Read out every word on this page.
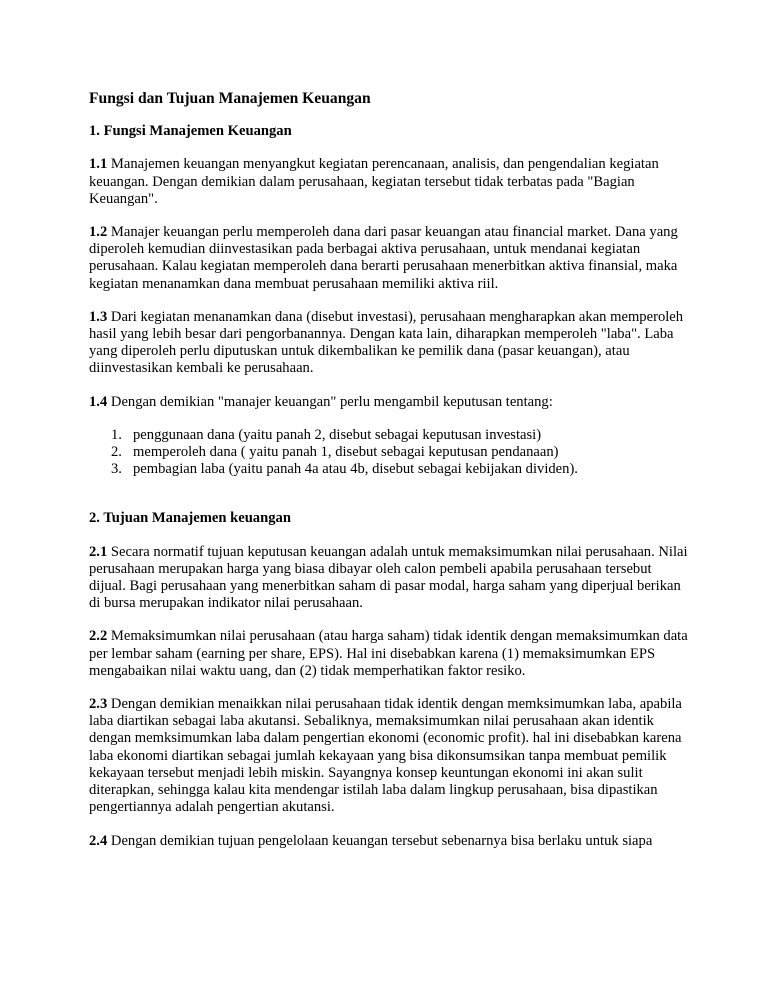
Fungsi dan Tujuan Manajemen Keuangan
1. Fungsi Manajemen Keuangan

1.1 Manajemen keuangan menyangkut kegiatan perencanaan, analisis, dan pengendalian kegiatan keuangan. Dengan demikian dalam perusahaan, kegiatan tersebut tidak terbatas pada "Bagian Keuangan".

1.2 Manajer keuangan perlu memperoleh dana dari pasar keuangan atau financial market. Dana yang diperoleh kemudian diinvestasikan pada berbagai aktiva perusahaan, untuk mendanai kegiatan perusahaan. Kalau kegiatan memperoleh dana berarti perusahaan menerbitkan aktiva finansial, maka kegiatan menanamkan dana membuat perusahaan memiliki aktiva riil.

1.3 Dari kegiatan menanamkan dana (disebut investasi), perusahaan mengharapkan akan memperoleh hasil yang lebih besar dari pengorbanannya. Dengan kata lain, diharapkan memperoleh "laba". Laba yang diperoleh perlu diputuskan untuk dikembalikan ke pemilik dana (pasar keuangan), atau diinvestasikan kembali ke perusahaan.

1.4 Dengan demikian "manajer keuangan" perlu mengambil keputusan tentang:

1. penggunaan dana (yaitu panah 2, disebut sebagai keputusan investasi)
2. memperoleh dana ( yaitu panah 1, disebut sebagai keputusan pendanaan)
3. pembagian laba (yaitu panah 4a atau 4b, disebut sebagai kebijakan dividen).
2. Tujuan Manajemen keuangan

2.1 Secara normatif tujuan keputusan keuangan adalah untuk memaksimumkan nilai perusahaan. Nilai perusahaan merupakan harga yang biasa dibayar oleh calon pembeli apabila perusahaan tersebut dijual. Bagi perusahaan yang menerbitkan saham di pasar modal, harga saham yang diperjual berikan di bursa merupakan indikator nilai perusahaan.

2.2 Memaksimumkan nilai perusahaan (atau harga saham) tidak identik dengan memaksimumkan data per lembar saham (earning per share, EPS). Hal ini disebabkan karena (1) memaksimumkan EPS mengabaikan nilai waktu uang, dan (2) tidak memperhatikan faktor resiko.

2.3 Dengan demikian menaikkan nilai perusahaan tidak identik dengan memksimumkan laba, apabila laba diartikan sebagai laba akutansi. Sebaliknya, memaksimumkan nilai perusahaan akan identik dengan memksimumkan laba dalam pengertian ekonomi (economic profit). hal ini disebabkan karena laba ekonomi diartikan sebagai jumlah kekayaan yang bisa dikonsumsikan tanpa membuat pemilik kekayaan tersebut menjadi lebih miskin. Sayangnya konsep keuntungan ekonomi ini akan sulit diterapkan, sehingga kalau kita mendengar istilah laba dalam lingkup perusahaan, bisa dipastikan pengertiannya adalah pengertian akutansi.

2.4 Dengan demikian tujuan pengelolaan keuangan tersebut sebenarnya bisa berlaku untuk siapa
